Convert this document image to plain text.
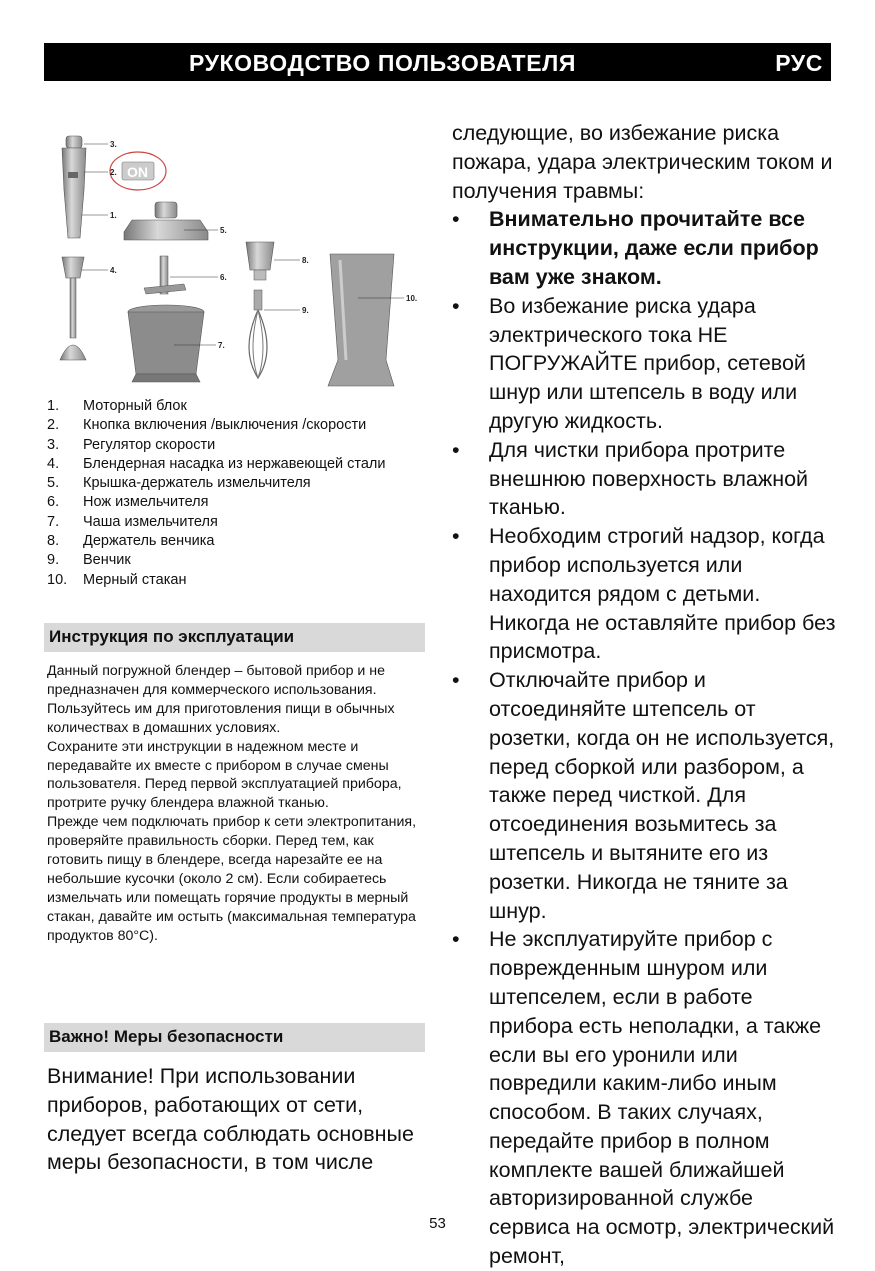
РУКОВОДСТВО ПОЛЬЗОВАТЕЛЯ	РУС
ON
3.
2.
1.
4.
5.
6.
7.
8.
9.
10.
1. Моторный блок
2. Кнопка включения /выключения /скорости
3. Регулятор скорости
4. Блендерная насадка из нержавеющей стали
5. Крышка-держатель измельчителя
6. Нож измельчителя
7. Чаша измельчителя
8. Держатель венчика
9. Венчик
10. Мерный стакан
Инструкция по эксплуатации

Данный погружной блендер – бытовой прибор и не предназначен для коммерческого использования. Пользуйтесь им для приготовления пищи в обычных количествах в домашних условиях.

Сохраните эти инструкции в надежном месте и передавайте их вместе с прибором в случае смены пользователя. Перед первой эксплуатацией прибора, протрите ручку блендера влажной тканью.

Прежде чем подключать прибор к сети электропитания, проверяйте правильность сборки. Перед тем, как готовить пищу в блендере, всегда нарезайте ее на небольшие кусочки (около 2 см). Если собираетесь измельчать или помещать горячие продукты в мерный стакан, давайте им остыть (максимальная температура продуктов 80°С).

Важно! Меры безопасности

Внимание! При использовании приборов, работающих от сети, следует всегда соблюдать основные меры безопасности, в том числе

следующие, во избежание риска пожара, удара электрическим током и получения травмы:

• Внимательно прочитайте все инструкции, даже если прибор вам уже знаком.
• Во избежание риска удара электрического тока НЕ ПОГРУЖАЙТЕ прибор, сетевой шнур или штепсель в воду или другую жидкость.
• Для чистки прибора протрите внешнюю поверхность влажной тканью.
• Необходим строгий надзор, когда прибор используется или находится рядом с детьми. Никогда не оставляйте прибор без присмотра.
• Отключайте прибор и отсоединяйте штепсель от розетки, когда он не используется, перед сборкой или разбором, а также перед чисткой. Для отсоединения возьмитесь за штепсель и вытяните его из розетки. Никогда не тяните за шнур.
• Не эксплуатируйте прибор с поврежденным шнуром или штепселем, если в работе прибора есть неполадки, а также если вы его уронили или повредили каким-либо иным способом. В таких случаях, передайте прибор в полном комплекте вашей ближайшей авторизированной службе сервиса на осмотр, электрический ремонт,
53
